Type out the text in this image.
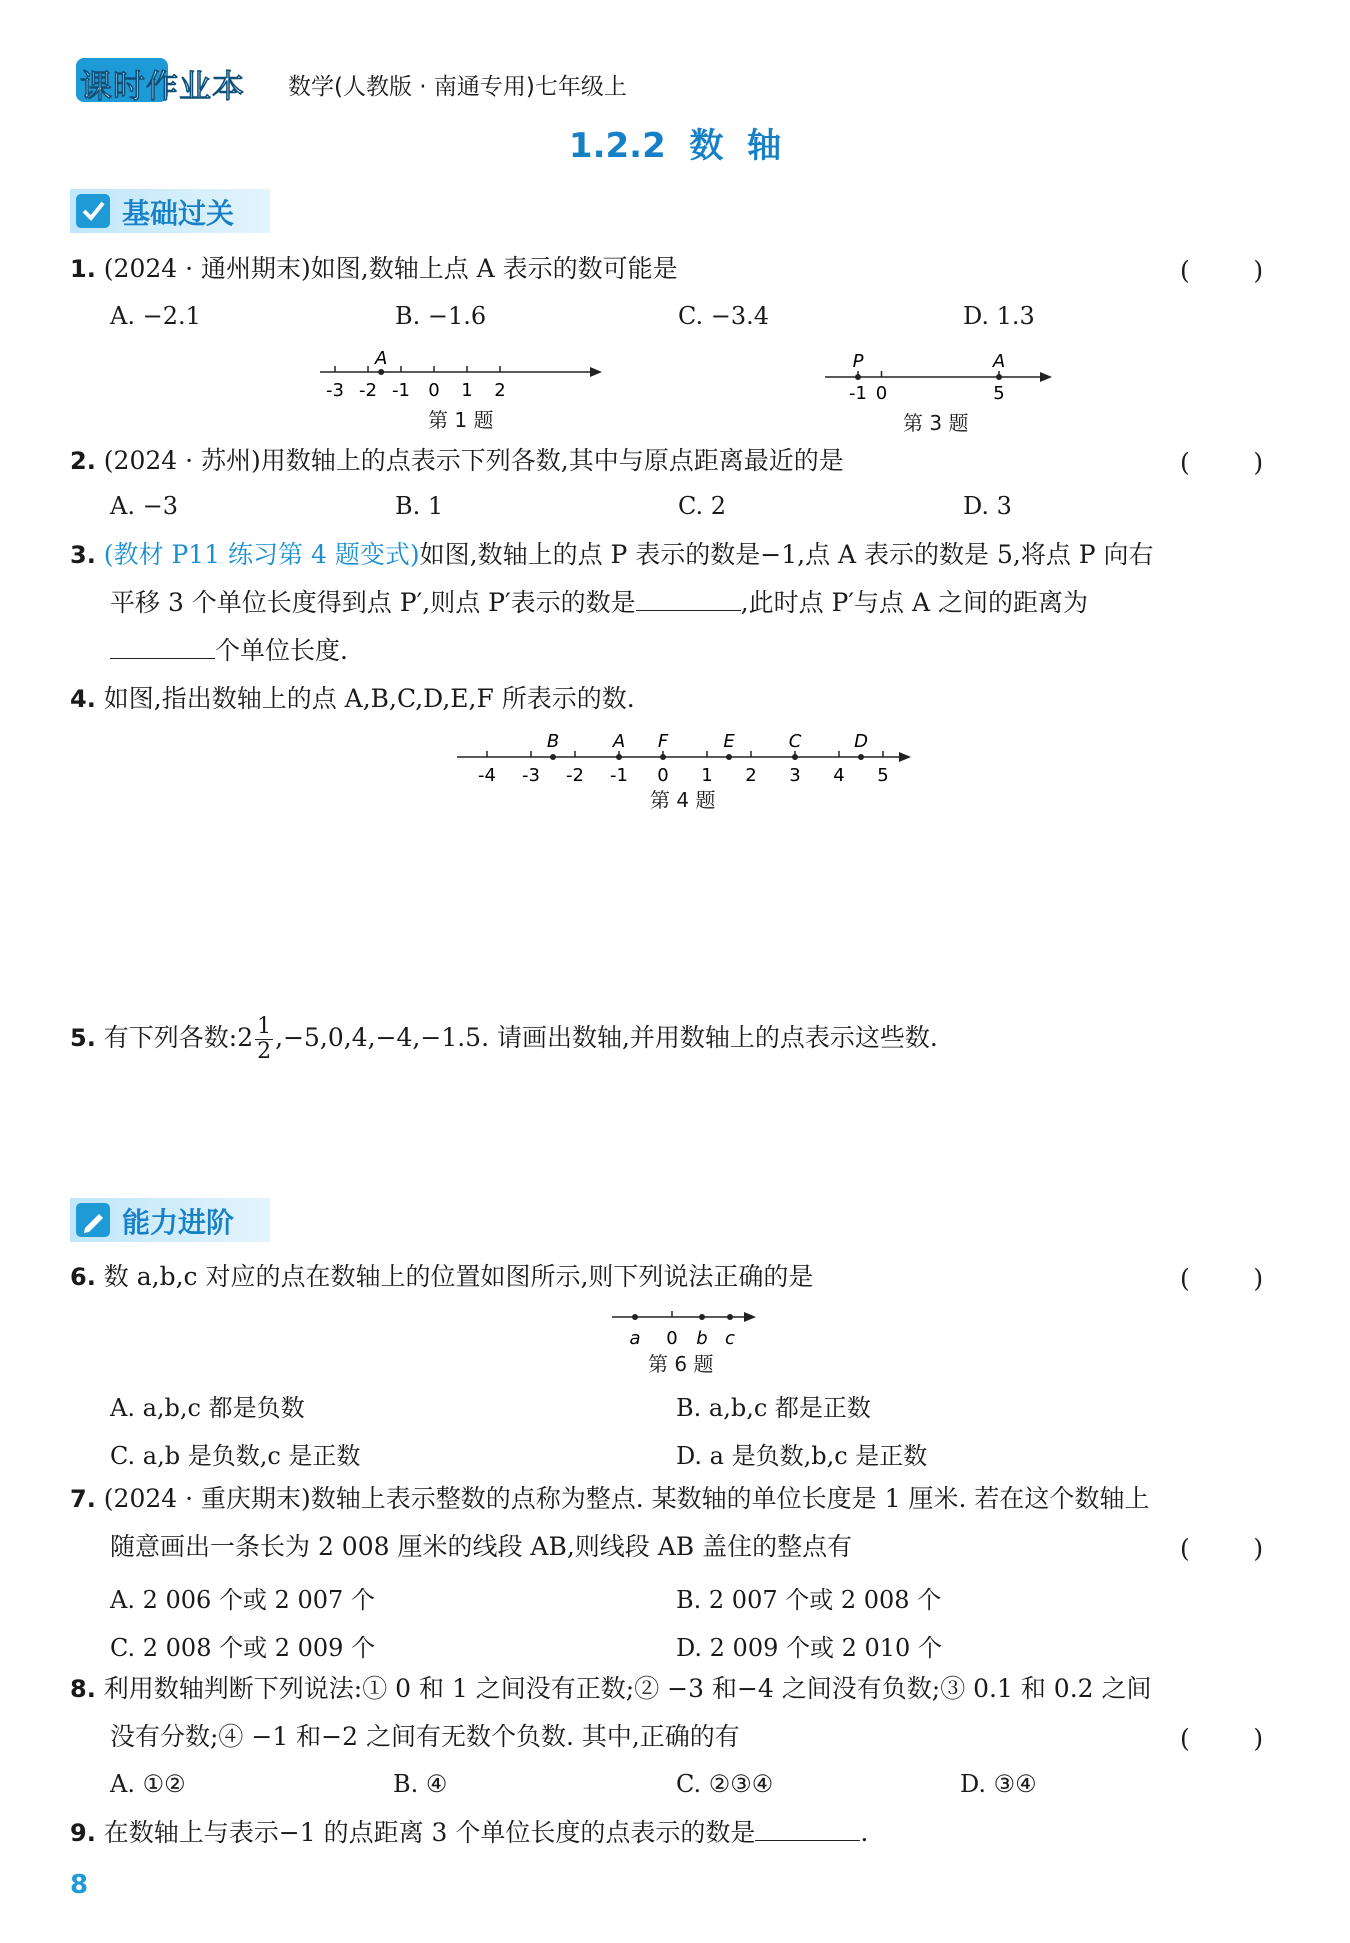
课时作业本 数学(人教版 · 南通专用)七年级上
1.2.2  数  轴
基础过关
1. (2024 · 通州期末)如图,数轴上点 A 表示的数可能是	(        )
A. −2.1	B. −1.6	C. −3.4	D. 1.3
-3 -2 -1 0 1 2
A
第 1 题
-1 0	5
P	A
第 3 题
2. (2024 · 苏州)用数轴上的点表示下列各数,其中与原点距离最近的是	(        )
A. −3	B. 1	C. 2	D. 3
3. (教材 P11 练习第 4 题变式)如图,数轴上的点 P 表示的数是−1,点 A 表示的数是 5,将点 P 向右
平移 3 个单位长度得到点 P′,则点 P′表示的数是	,此时点 P′与点 A 之间的距离为
个单位长度.
4. 如图,指出数轴上的点 A,B,C,D,E,F 所表示的数.
-4 -3 -2 -1 0 1 2 3 4 5
B	A F	E	C	D
第 4 题
5. 有下列各数:2 $\frac{1}{2} ,-5,0,4,-4,-1.5$. 请画出数轴,并用数轴上的点表示这些数.
能力进阶
6. 数 a,b,c 对应的点在数轴上的位置如图所示,则下列说法正确的是	(        )
a 0 b c
第 6 题
A. a,b,c 都是负数	B. a,b,c 都是正数
C. a,b 是负数,c 是正数	D. a 是负数,b,c 是正数
7. (2024 · 重庆期末)数轴上表示整数的点称为整点. 某数轴的单位长度是 1 厘米. 若在这个数轴上
随意画出一条长为 2 008 厘米的线段 AB,则线段 AB 盖住的整点有	(        )
A. 2 006 个或 2 007 个	B. 2 007 个或 2 008 个
C. 2 008 个或 2 009 个	D. 2 009 个或 2 010 个
8. 利用数轴判断下列说法:① 0 和 1 之间没有正数;② −3 和−4 之间没有负数;③ 0.1 和 0.2 之间
没有分数;④ −1 和−2 之间有无数个负数. 其中,正确的有	(        )
A. ①②	B. ④	C. ②③④	D. ③④
9. 在数轴上与表示−1 的点距离 3 个单位长度的点表示的数是	.
8
